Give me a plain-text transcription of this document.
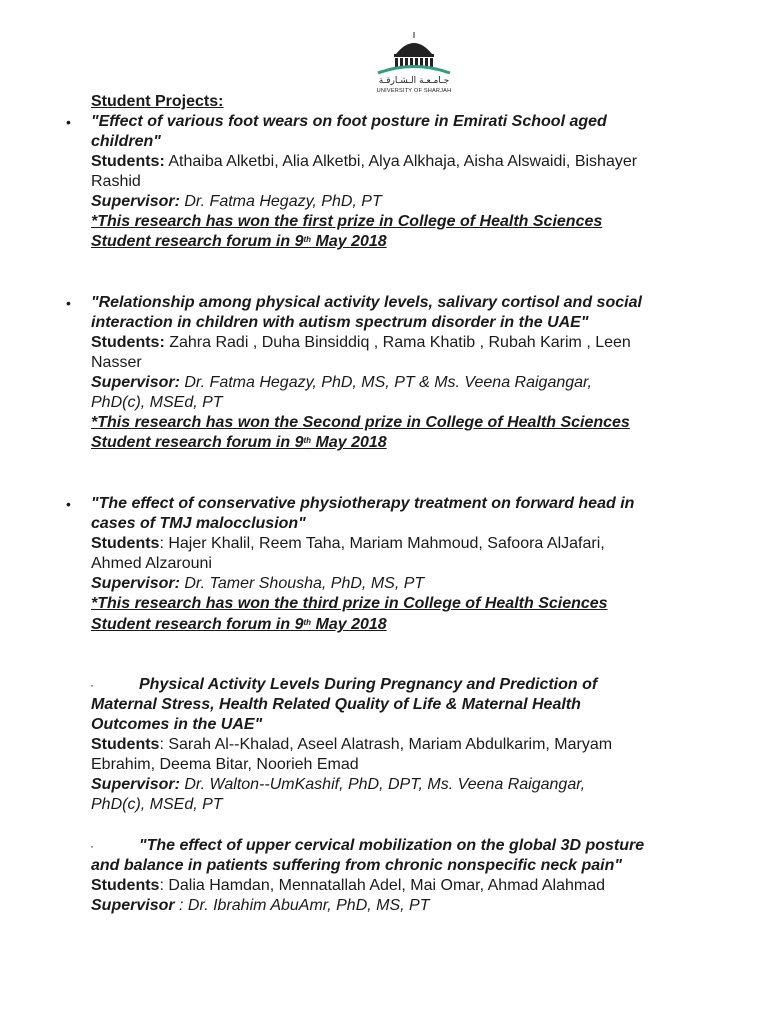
جـامـعـة الـشـارقـة
UNIVERSITY OF SHARJAH
Student Projects:
• "Effect of various foot wears on foot posture in Emirati School aged
children"
Students: Athaiba Alketbi, Alia Alketbi, Alya Alkhaja, Aisha Alswaidi, Bishayer
Rashid
Supervisor: Dr. Fatma Hegazy, PhD, PT
*This research has won the first prize in College of Health Sciences
Student research forum in 9th May 2018
• "Relationship among physical activity levels, salivary cortisol and social
interaction in children with autism spectrum disorder in the UAE"
Students: Zahra Radi , Duha Binsiddiq , Rama Khatib , Rubah Karim , Leen
Nasser
Supervisor: Dr. Fatma Hegazy, PhD, MS, PT & Ms. Veena Raigangar,
PhD(c), MSEd, PT
*This research has won the Second prize in College of Health Sciences
Student research forum in 9th May 2018
• "The effect of conservative physiotherapy treatment on forward head in
cases of TMJ malocclusion"
Students: Hajer Khalil, Reem Taha, Mariam Mahmoud, Safoora AlJafari,
Ahmed Alzarouni
Supervisor: Dr. Tamer Shousha, PhD, MS, PT
*This research has won the third prize in College of Health Sciences
Student research forum in 9th May 2018
·	Physical Activity Levels During Pregnancy and Prediction of
Maternal Stress, Health Related Quality of Life & Maternal Health
Outcomes in the UAE"
Students: Sarah Al--Khalad, Aseel Alatrash, Mariam Abdulkarim, Maryam
Ebrahim, Deema Bitar, Noorieh Emad
Supervisor: Dr. Walton--UmKashif, PhD, DPT, Ms. Veena Raigangar,
PhD(c), MSEd, PT
·	"The effect of upper cervical mobilization on the global 3D posture
and balance in patients suffering from chronic nonspecific neck pain"
Students: Dalia Hamdan, Mennatallah Adel, Mai Omar, Ahmad Alahmad
Supervisor : Dr. Ibrahim AbuAmr, PhD, MS, PT
